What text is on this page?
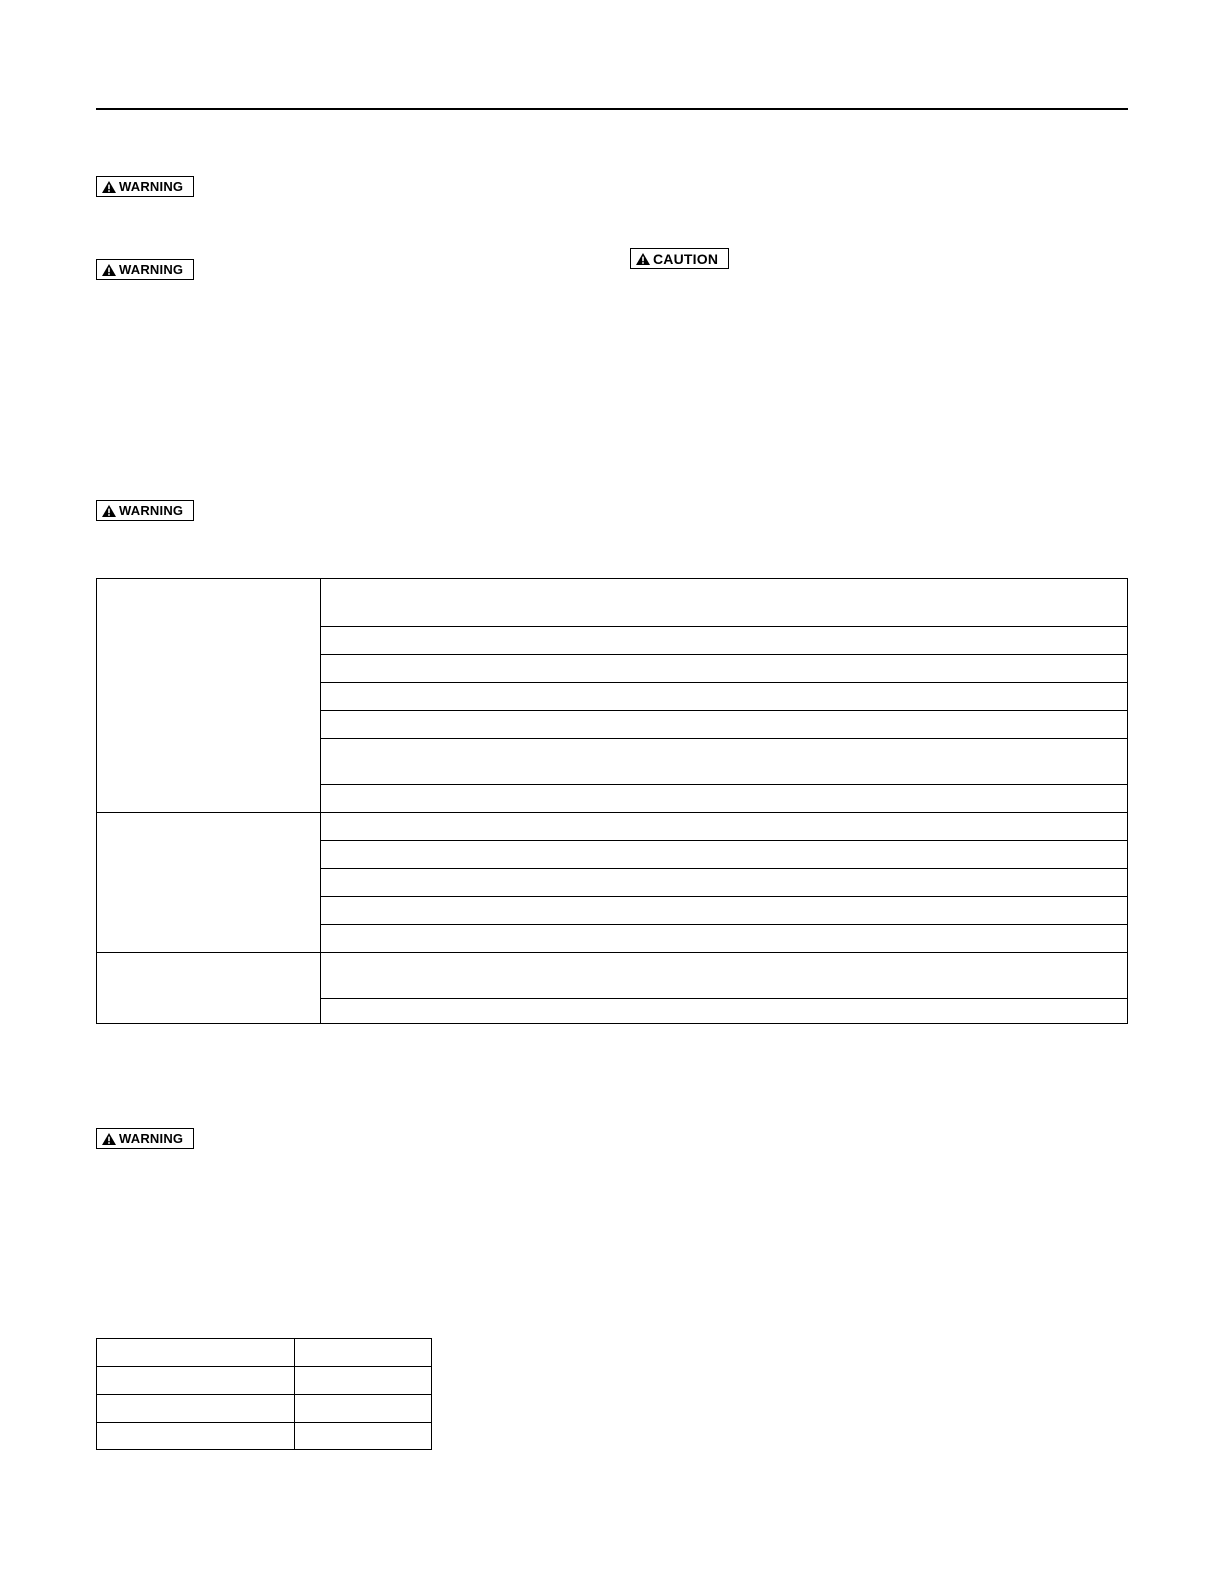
WARNING
WARNING
CAUTION
WARNING
WARNING
